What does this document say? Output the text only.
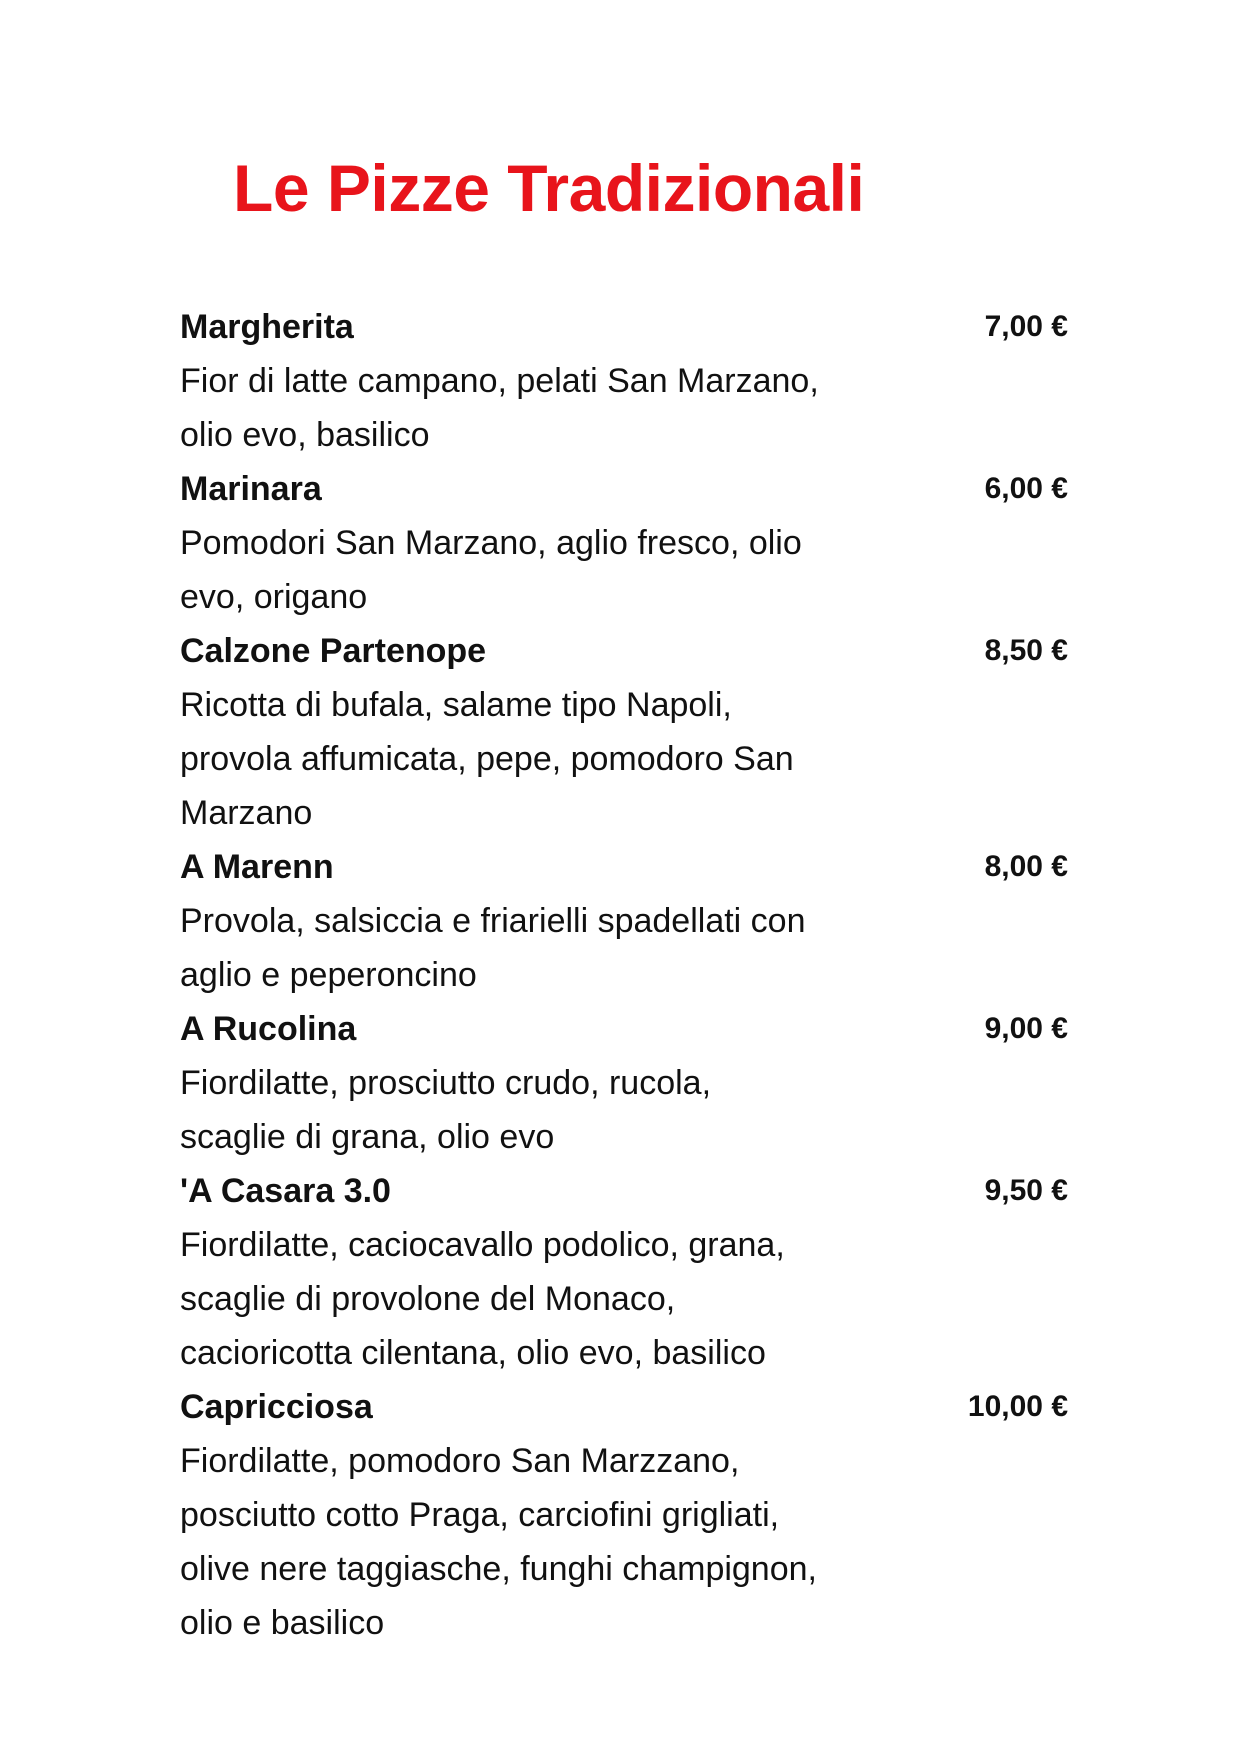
Le Pizze Tradizionali
Margherita	7,00 €
Fior di latte campano, pelati San Marzano,
olio evo, basilico
Marinara	6,00 €
Pomodori San Marzano, aglio fresco, olio
evo, origano
Calzone Partenope	8,50 €
Ricotta di bufala, salame tipo Napoli,
provola affumicata, pepe, pomodoro San
Marzano
A Marenn	8,00 €
Provola, salsiccia e friarielli spadellati con
aglio e peperoncino
A Rucolina	9,00 €
Fiordilatte, prosciutto crudo, rucola,
scaglie di grana, olio evo
'A Casara 3.0	9,50 €
Fiordilatte, caciocavallo podolico, grana,
scaglie di provolone del Monaco,
cacioricotta cilentana, olio evo, basilico
Capricciosa	10,00 €
Fiordilatte, pomodoro San Marzzano,
posciutto cotto Praga, carciofini grigliati,
olive nere taggiasche, funghi champignon,
olio e basilico
